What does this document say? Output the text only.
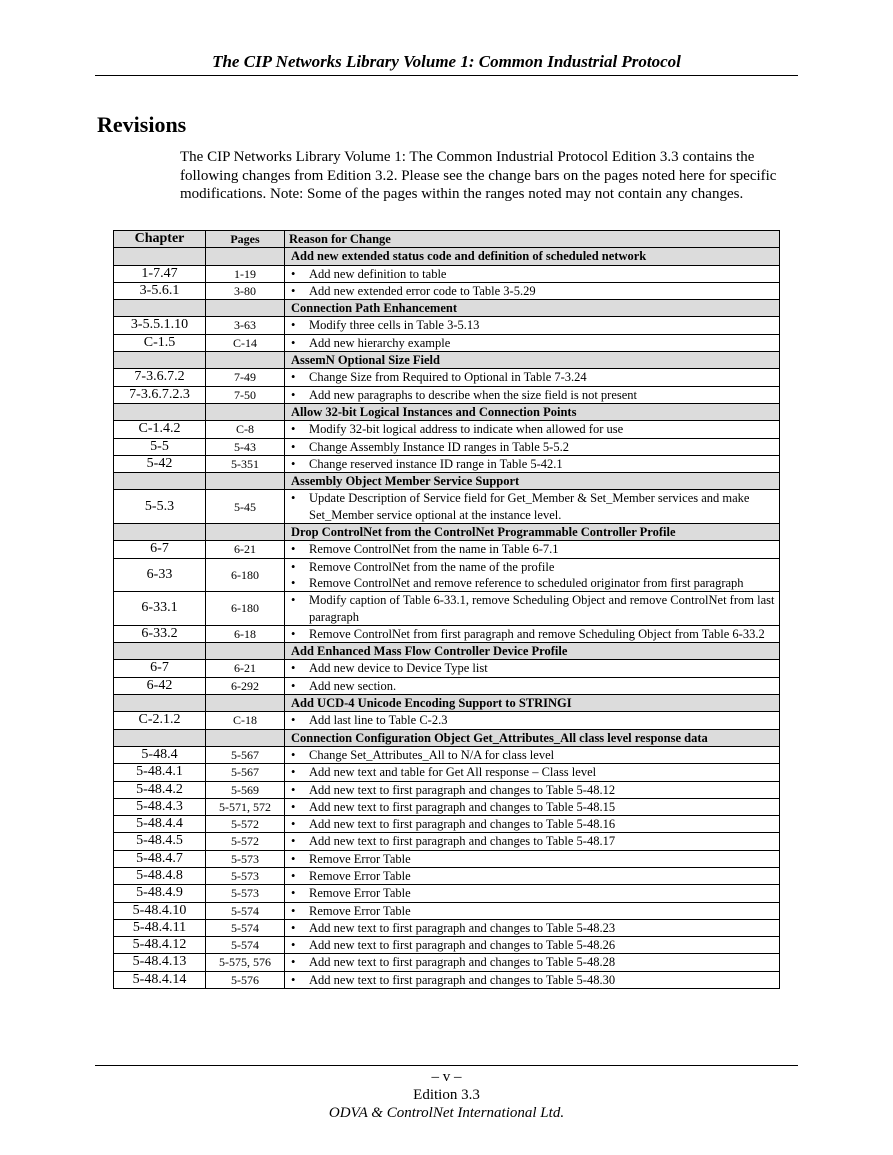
The CIP Networks Library Volume 1: Common Industrial Protocol
Revisions

The CIP Networks Library Volume 1: The Common Industrial Protocol Edition 3.3 contains the following changes from Edition 3.2. Please see the change bars on the pages noted here for specific modifications. Note: Some of the pages within the ranges noted may not contain any changes.

Chapter	Pages	Reason for Change
		Add new extended status code and definition of scheduled network
1-7.47	1-19	• Add new definition to table

3-5.6.1	3-80	• Add new extended error code to Table 3-5.29

		Connection Path Enhancement
3-5.5.1.10	3-63	• Modify three cells in Table 3-5.13

C-1.5	C-14	• Add new hierarchy example

		AssemN Optional Size Field
7-3.6.7.2	7-49	• Change Size from Required to Optional in Table 7-3.24

7-3.6.7.2.3	7-50	• Add new paragraphs to describe when the size field is not present

		Allow 32-bit Logical Instances and Connection Points
C-1.4.2	C-8	• Modify 32-bit logical address to indicate when allowed for use

5-5	5-43	• Change Assembly Instance ID ranges in Table 5-5.2

5-42	5-351	• Change reserved instance ID range in Table 5-42.1

		Assembly Object Member Service Support
5-5.3	5-45	• Update Description of Service field for Get_Member & Set_Member services and make Set_Member service optional at the instance level.

		Drop ControlNet from the ControlNet Programmable Controller Profile
6-7	6-21	• Remove ControlNet from the name in Table 6-7.1

6-33	6-180	• Remove ControlNet from the name of the profile
• Remove ControlNet and remove reference to scheduled originator from first paragraph

6-33.1	6-180	• Modify caption of Table 6-33.1, remove Scheduling Object and remove ControlNet from last paragraph

6-33.2	6-18	• Remove ControlNet from first paragraph and remove Scheduling Object from Table 6-33.2

		Add Enhanced Mass Flow Controller Device Profile
6-7	6-21	• Add new device to Device Type list

6-42	6-292	• Add new section.

		Add UCD-4 Unicode Encoding Support to STRINGI
C-2.1.2	C-18	• Add last line to Table C-2.3

		Connection Configuration Object Get_Attributes_All class level response data
5-48.4	5-567	• Change Set_Attributes_All to N/A for class level

5-48.4.1	5-567	• Add new text and table for Get All response – Class level

5-48.4.2	5-569	• Add new text to first paragraph and changes to Table 5-48.12

5-48.4.3	5-571, 572	• Add new text to first paragraph and changes to Table 5-48.15

5-48.4.4	5-572	• Add new text to first paragraph and changes to Table 5-48.16

5-48.4.5	5-572	• Add new text to first paragraph and changes to Table 5-48.17

5-48.4.7	5-573	• Remove Error Table

5-48.4.8	5-573	• Remove Error Table

5-48.4.9	5-573	• Remove Error Table

5-48.4.10	5-574	• Remove Error Table

5-48.4.11	5-574	• Add new text to first paragraph and changes to Table 5-48.23

5-48.4.12	5-574	• Add new text to first paragraph and changes to Table 5-48.26

5-48.4.13	5-575, 576	• Add new text to first paragraph and changes to Table 5-48.28

5-48.4.14	5-576	• Add new text to first paragraph and changes to Table 5-48.30
– v –
Edition 3.3
ODVA & ControlNet International Ltd.
